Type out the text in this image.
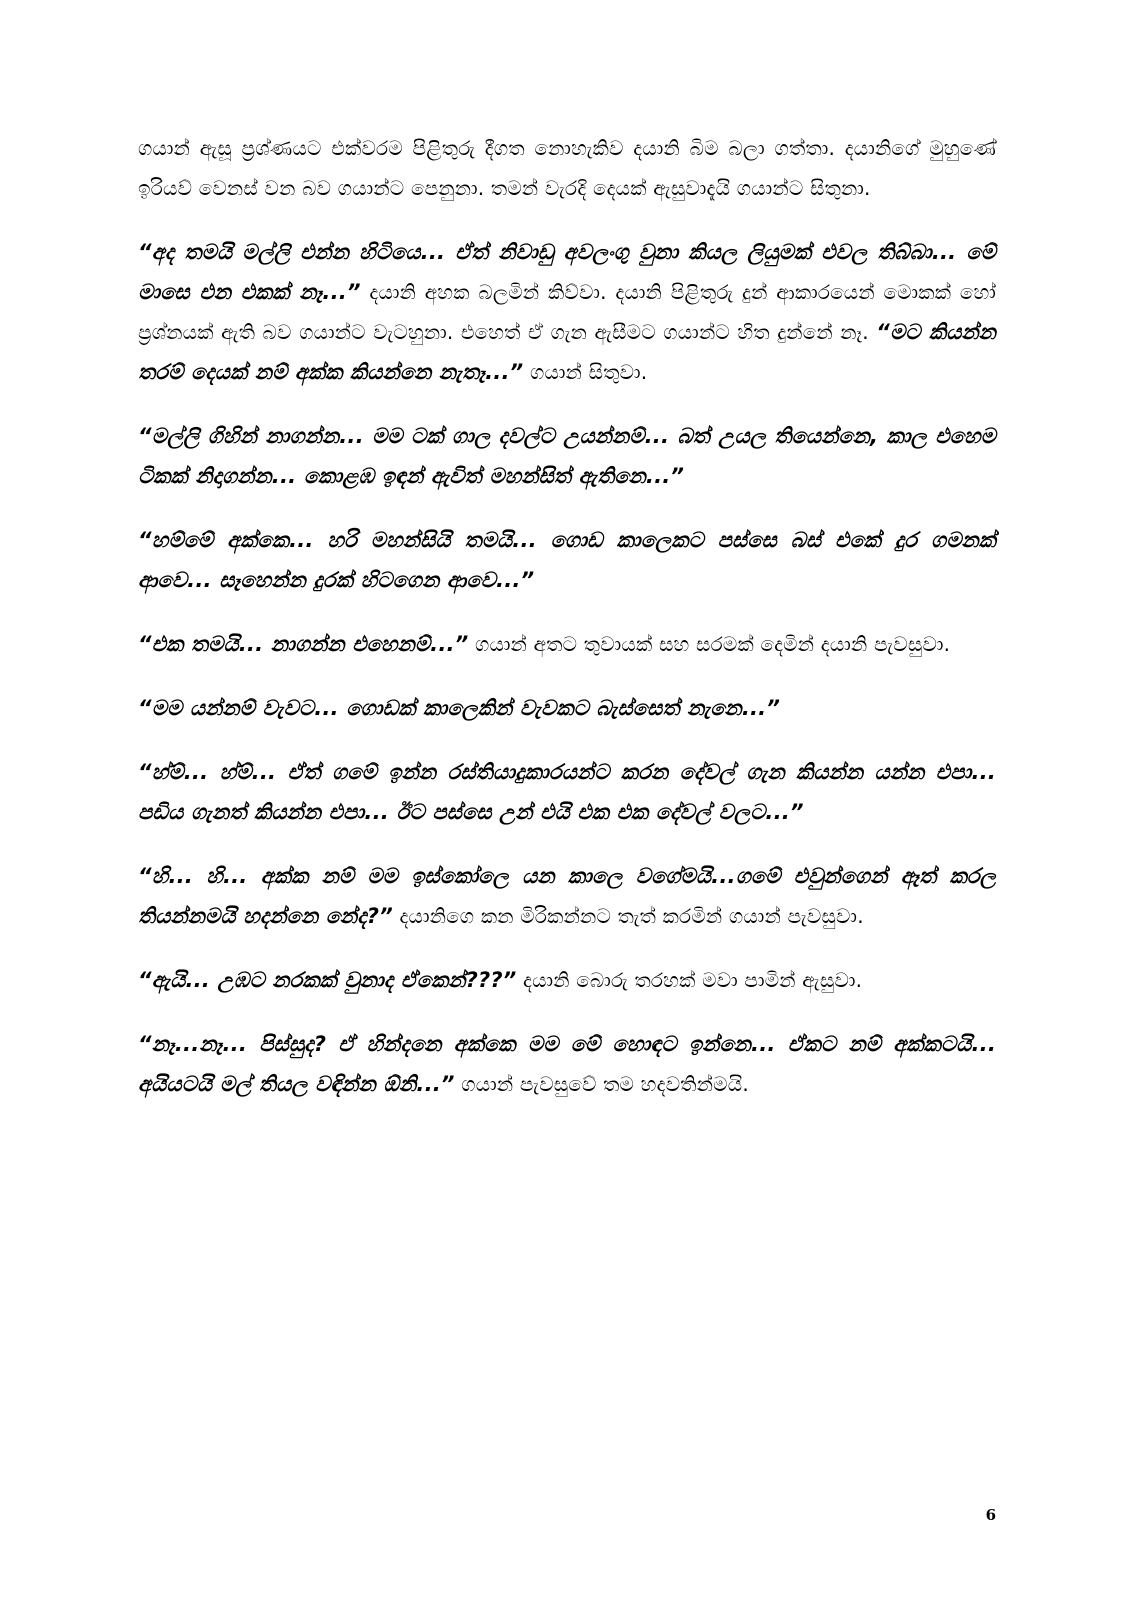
ගයාන් ඇසූ ප්‍රශ්ණයට එක්වරම පිළිතුරු දීගත නොහැකිව දයානි බිම බලා ගත්තා. දයානිගේ මුහුණේ ඉරියව් වෙනස් වන බව ගයාන්ට පෙනුනා. තමන් වැරදි දෙයක් ඇසුවාදැයි ගයාන්ට සිතුනා.

“අද තමයි මල්ලි එන්න හිටියෙ... ඒත් නිවාඩු අවලංගු වුනා කියල ලියුමක් එවල තිබ්බා... මේ මාසෙ එන එකක් නෑ...” දයානි අහක බලමින් කිව්වා. දයානි පිළිතුරු දුන් ආකාරයෙන් මොකක් හෝ ප්‍රශ්නයක් ඇති බව ගයාන්ට වැටහුනා. එහෙත් ඒ ගැන ඇසීමට ගයාන්ට හිත දුන්නේ නෑ. “මට කියන්න තරම් දෙයක් නම් අක්ක කියන්නෙ නැතෑ...” ගයාන් සිතුවා.

“මල්ලි ගිහින් නාගන්න... මම ටක් ගාල දවල්ට උයන්නම්... බත් උයල තියෙන්නෙ, කාල එහෙම ටිකක් නිදාගන්න... කොළඹ ඉඳන් ඇවිත් මහන්සිත් ඇතිනෙ...”

“හම්මේ අක්කෙ... හරි මහන්සියි තමයි... ගොඩ කාලෙකට පස්සෙ බස් එකේ දුර ගමනක් ආවෙ... සෑහෙන්න දුරක් හිටගෙන ආවෙ...”

“එක තමයි... නාගන්න එහෙනම්...” ගයාන් අතට තුවායක් සහ සරමක් දෙමින් දයානි පැවසුවා.

“මම යන්නම් වැවට... ගොඩක් කාලෙකින් වැවකට බැස්සෙත් නැනෙ...”

“හ්ම්... හ්ම්... ඒත් ගමේ ඉන්න රස්තියාදුකාරයන්ට කරන දේවල් ගැන කියන්න යන්න එපා... පඩිය ගැනත් කියන්න එපා... ඊට පස්සෙ උන් එයි එක එක දේවල් වලට...”

“හි... හි... අක්ක නම් මම ඉස්කෝලෙ යන කාලෙ වගේමයි...ගමේ එවුන්ගෙන් ඈත් කරල තියන්නමයි හදන්නෙ නේද?” දයානිගෙ කන මිරිකන්නට තැත් කරමින් ගයාන් පැවසුවා.

“ඇයි... උඹට නරකක් වුනාද ඒකෙන්???” දයානි බොරු තරහක් මවා පාමින් ඇසුවා.

“නෑ...නෑ... පිස්සුද? ඒ හින්දනෙ අක්කෙ මම මේ හොඳට ඉන්නෙ... ඒකට නම් අක්කටයි... අයියටයි මල් තියල වඳින්න ඕනි...” ගයාන් පැවසුවේ තම හදවතින්මයි.

6
